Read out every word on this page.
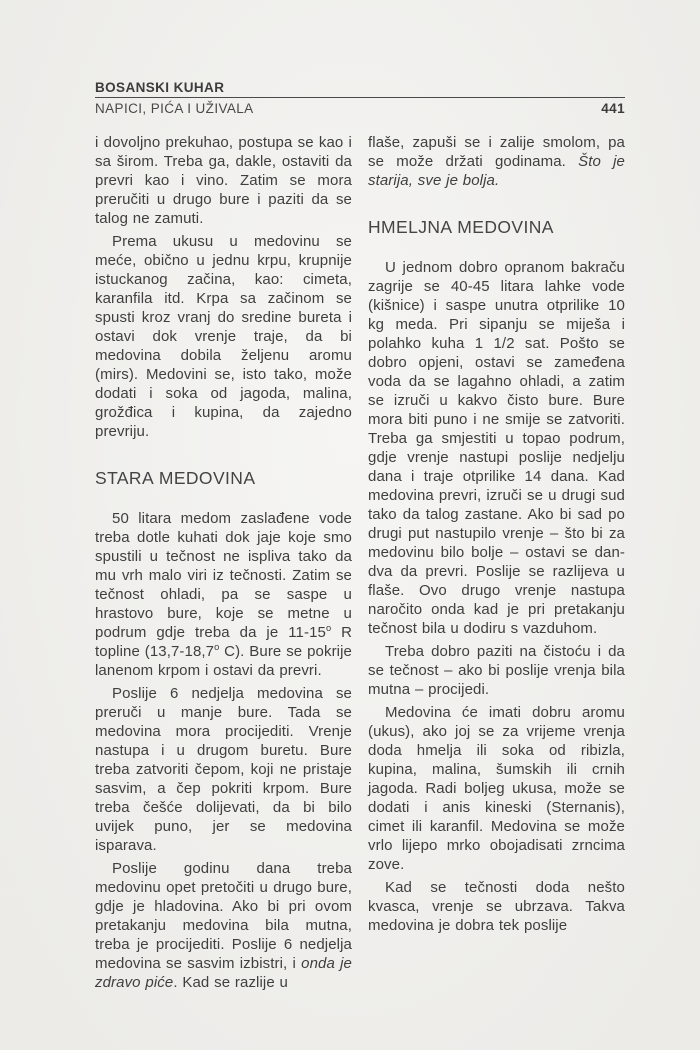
BOSANSKI KUHAR
NAPICI, PIĆA I UŽIVALA	441

i dovoljno prekuhao, postupa se kao i sa širom. Treba ga, dakle, ostaviti da prevri kao i vino. Zatim se mora preručiti u drugo bure i paziti da se talog ne zamuti.

Prema ukusu u medovinu se meće, obično u jednu krpu, krupnije istuckanog začina, kao: cimeta, karanfila itd. Krpa sa začinom se spusti kroz vranj do sredine bureta i ostavi dok vrenje traje, da bi medovina dobila željenu aromu (mirs). Medovini se, isto tako, može dodati i soka od jagoda, malina, grožđica i kupina, da zajedno prevriju.

STARA MEDOVINA

50 litara medom zaslađene vode treba dotle kuhati dok jaje koje smo spustili u tečnost ne ispliva tako da mu vrh malo viri iz tečnosti. Zatim se tečnost ohladi, pa se saspe u hrastovo bure, koje se metne u podrum gdje treba da je 11-15$^o$ R topline (13,7-18,7$^o$ C). Bure se pokrije lanenom krpom i ostavi da prevri.

Poslije 6 nedjelja medovina se preruči u manje bure. Tada se medovina mora procijediti. Vrenje nastupa i u drugom buretu. Bure treba zatvoriti čepom, koji ne pristaje sasvim, a čep pokriti krpom. Bure treba češće dolijevati, da bi bilo uvijek puno, jer se medovina isparava.

Poslije godinu dana treba medovinu opet pretočiti u drugo bure, gdje je hladovina. Ako bi pri ovom pretakanju medovina bila mutna, treba je procijediti. Poslije 6 nedjelja medovina se sasvim izbistri, i onda je zdravo piće. Kad se razlije u

flaše, zapuši se i zalije smolom, pa se može držati godinama. Što je starija, sve je bolja.

HMELJNA MEDOVINA

U jednom dobro opranom bakraču zagrije se 40-45 litara lahke vode (kišnice) i saspe unutra otprilike 10 kg meda. Pri sipanju se miješa i polahko kuha 1 1/2 sat. Pošto se dobro opjeni, ostavi se zameđena voda da se lagahno ohladi, a zatim se izruči u kakvo čisto bure. Bure mora biti puno i ne smije se zatvoriti. Treba ga smjestiti u topao podrum, gdje vrenje nastupi poslije nedjelju dana i traje otprilike 14 dana. Kad medovina prevri, izruči se u drugi sud tako da talog zastane. Ako bi sad po drugi put nastupilo vrenje – što bi za medovinu bilo bolje – ostavi se dan-dva da prevri. Poslije se razlijeva u flaše. Ovo drugo vrenje nastupa naročito onda kad je pri pretakanju tečnost bila u dodiru s vazduhom.

Treba dobro paziti na čistoću i da se tečnost – ako bi poslije vrenja bila mutna – procijedi.

Medovina će imati dobru aromu (ukus), ako joj se za vrijeme vrenja doda hmelja ili soka od ribizla, kupina, malina, šumskih ili crnih jagoda. Radi boljeg ukusa, može se dodati i anis kineski (Sternanis), cimet ili karanfil. Medovina se može vrlo lijepo mrko obojadisati zrncima zove.

Kad se tečnosti doda nešto kvasca, vrenje se ubrzava. Takva medovina je dobra tek poslije
